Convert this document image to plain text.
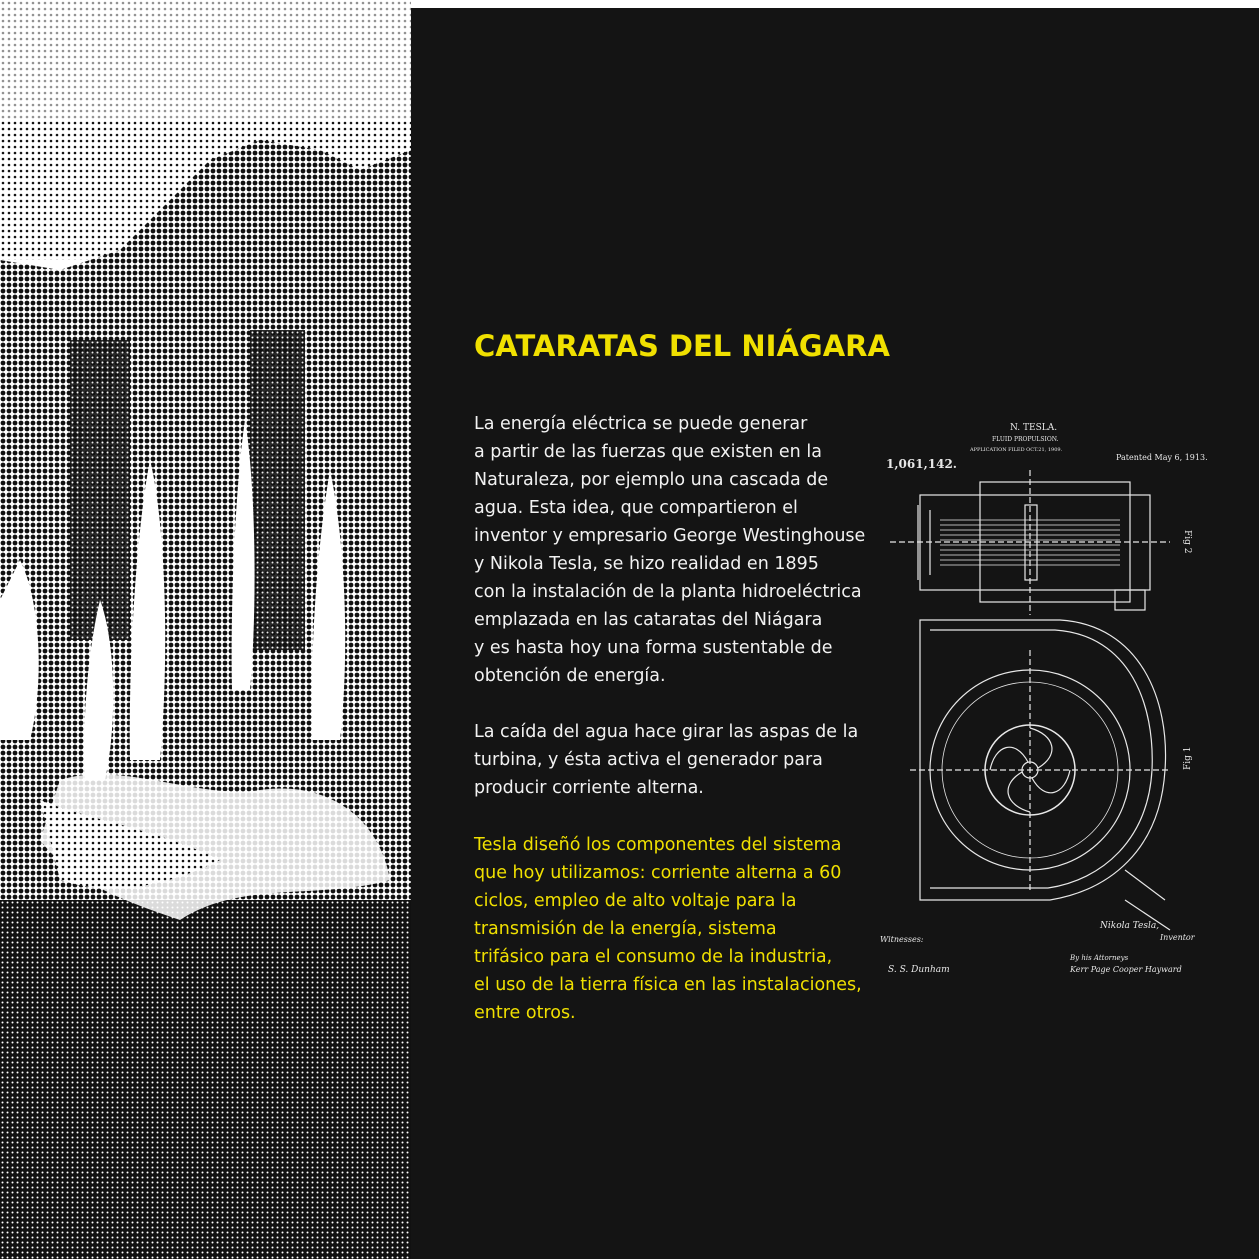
CATARATAS DEL NIÁGARA

La energía eléctrica se puede generar
a partir de las fuerzas que existen en la
Naturaleza, por ejemplo una cascada de
agua. Esta idea, que compartieron el
inventor y empresario George Westinghouse
y Nikola Tesla, se hizo realidad en 1895
con la instalación de la planta hidroeléctrica
emplazada en las cataratas del Niágara
y es hasta hoy una forma sustentable de
obtención de energía.

La caída del agua hace girar las aspas de la
turbina, y ésta activa el generador para
producir corriente alterna.

Tesla diseñó los componentes del sistema
que hoy utilizamos: corriente alterna a 60
ciclos, empleo de alto voltaje para la
transmisión de la energía, sistema
trifásico para el consumo de la industria,
el uso de la tierra física en las instalaciones,
entre otros.

N. TESLA.
FLUID PROPULSION.
APPLICATION FILED OCT.21, 1909.
1,061,142.	Patented May 6, 1913.
Fig 2
Fig 1
Witnesses:
Nikola Tesla,
Inventor
By his Attorneys
S. S. Dunham	Kerr Page Cooper Hayward
